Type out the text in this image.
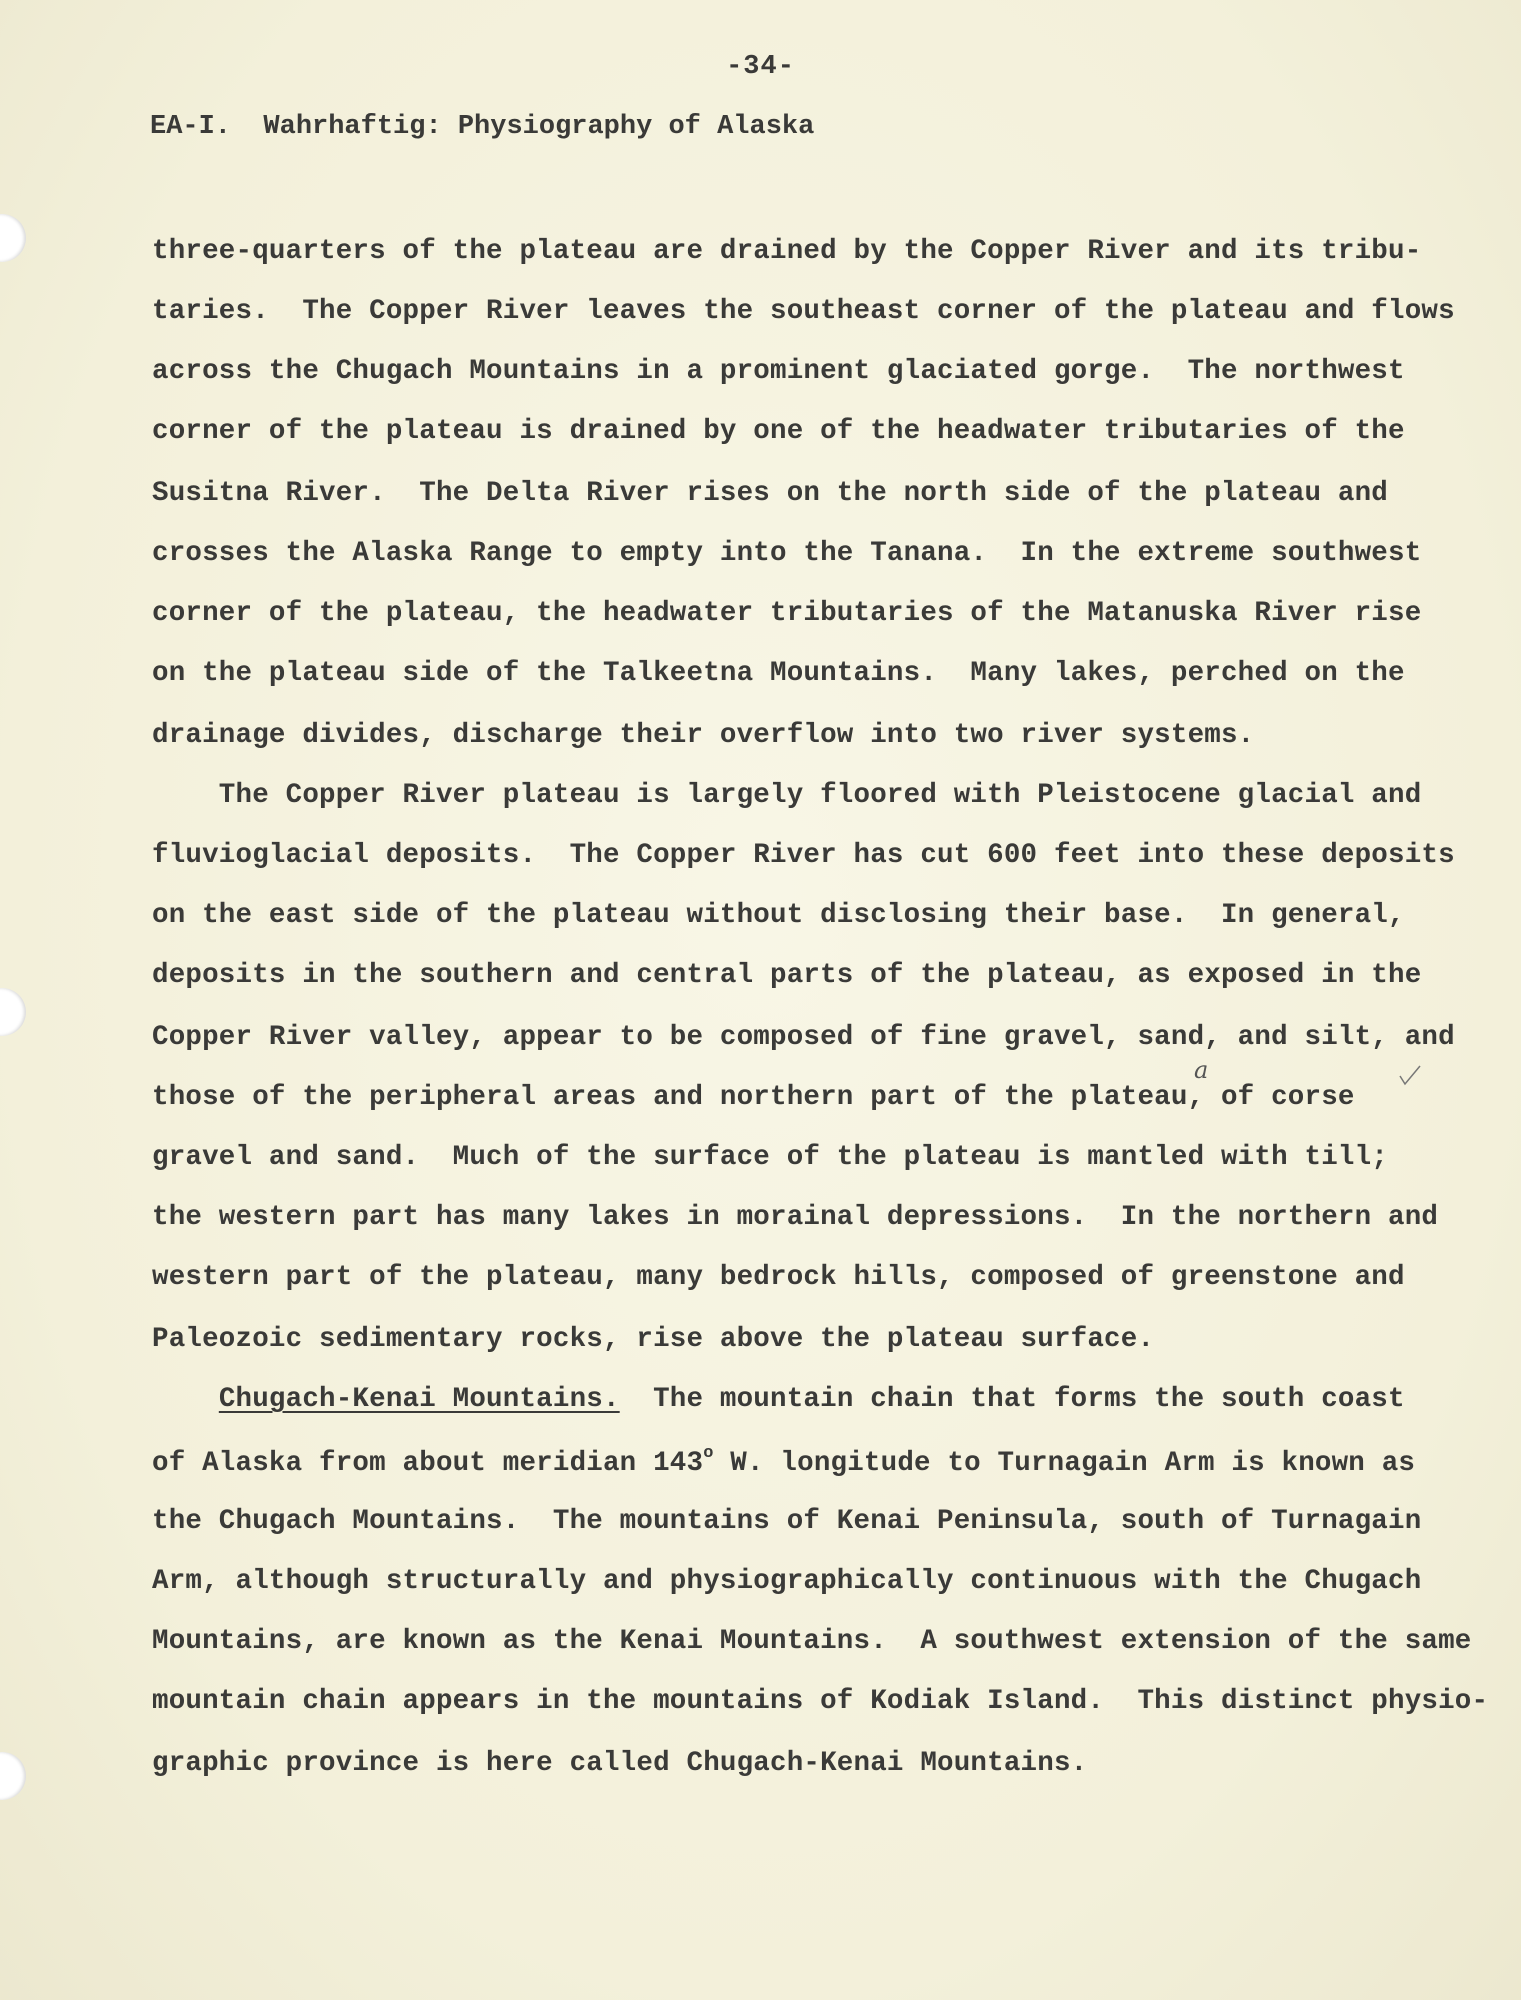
-34-
EA-I.  Wahrhaftig: Physiography of Alaska
three-quarters of the plateau are drained by the Copper River and its tribu-
taries.  The Copper River leaves the southeast corner of the plateau and flows
across the Chugach Mountains in a prominent glaciated gorge.  The northwest
corner of the plateau is drained by one of the headwater tributaries of the
Susitna River.  The Delta River rises on the north side of the plateau and
crosses the Alaska Range to empty into the Tanana.  In the extreme southwest
corner of the plateau, the headwater tributaries of the Matanuska River rise
on the plateau side of the Talkeetna Mountains.  Many lakes, perched on the
drainage divides, discharge their overflow into two river systems.
The Copper River plateau is largely floored with Pleistocene glacial and
fluvioglacial deposits.  The Copper River has cut 600 feet into these deposits
on the east side of the plateau without disclosing their base.  In general,
deposits in the southern and central parts of the plateau, as exposed in the
Copper River valley, appear to be composed of fine gravel, sand, and silt, and
those of the peripheral areas and northern part of the plateau, of corse
gravel and sand.  Much of the surface of the plateau is mantled with till;
the western part has many lakes in morainal depressions.  In the northern and
western part of the plateau, many bedrock hills, composed of greenstone and
Paleozoic sedimentary rocks, rise above the plateau surface.
Chugach-Kenai Mountains.  The mountain chain that forms the south coast
of Alaska from about meridian 143$^o$ W. longitude to Turnagain Arm is known as
the Chugach Mountains.  The mountains of Kenai Peninsula, south of Turnagain
Arm, although structurally and physiographically continuous with the Chugach
Mountains, are known as the Kenai Mountains.  A southwest extension of the same
mountain chain appears in the mountains of Kodiak Island.  This distinct physio-
graphic province is here called Chugach-Kenai Mountains.
a
